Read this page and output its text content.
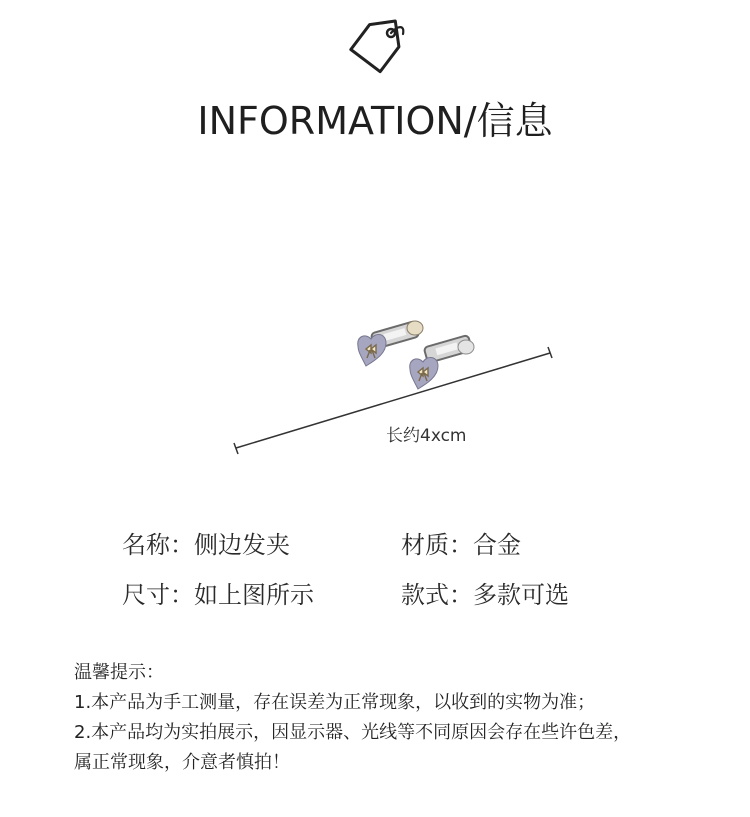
INFORMATION/信息
长约4xcm
名称：侧边发夹	材质：合金
尺寸：如上图所示	款式：多款可选
温馨提示：
1.本产品为手工测量，存在误差为正常现象，以收到的实物为准；
2.本产品均为实拍展示，因显示器、光线等不同原因会存在些许色差，
属正常现象，介意者慎拍！
